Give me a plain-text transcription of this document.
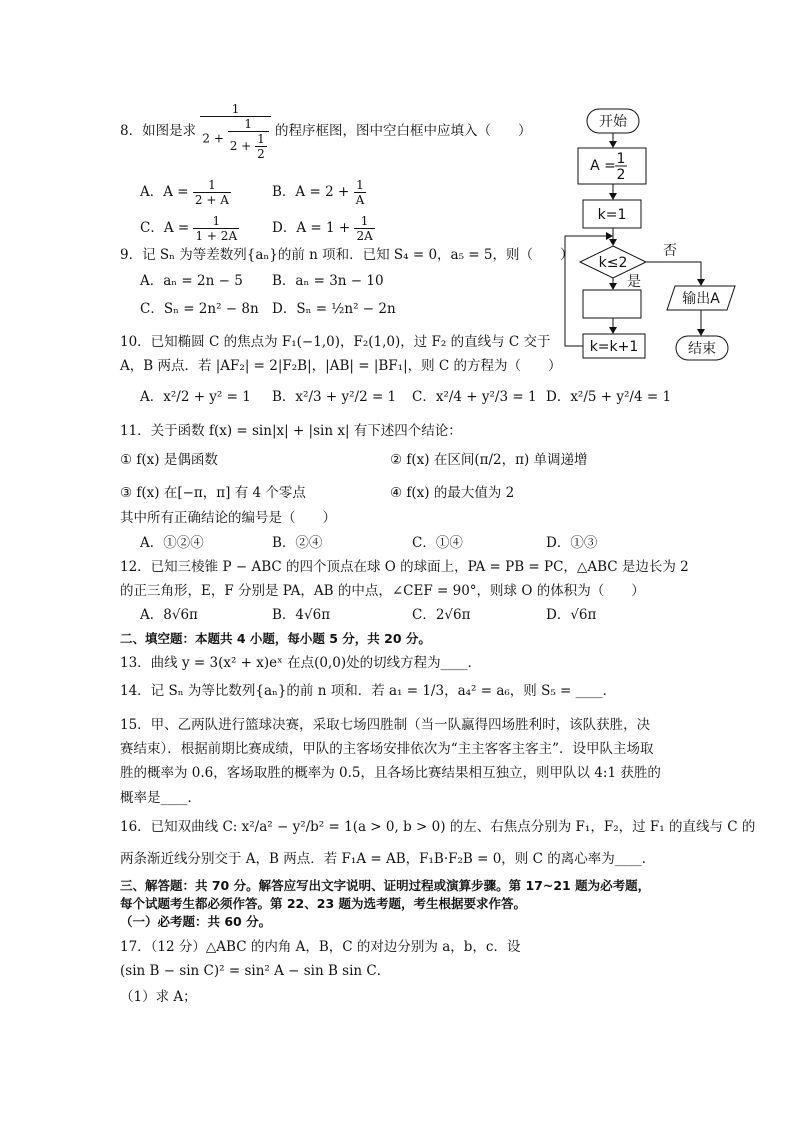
8．如图是求 $\frac{1}{2 + \frac{1}{2 + \frac{1}{2}}}$ 的程序框图，图中空白框中应填入（　　）
A．$A = \frac{1}{2 + A}$	B．$A = 2 + \frac{1}{A}$
C．$A = \frac{1}{1 + 2A}$ D．$A = 1 + \frac{1}{2A}$
开始
A = 1
2
k=1
k≤2
是
否
k=k+1
输出A
结束
9．记 Sₙ 为等差数列{aₙ}的前 n 项和．已知 S₄ = 0，a₅ = 5，则（　　）
A．aₙ = 2n − 5 B．aₙ = 3n − 10
C．Sₙ = 2n² − 8n D．Sₙ = ½n² − 2n
10．已知椭圆 C 的焦点为 F₁(−1,0)，F₂(1,0)，过 F₂ 的直线与 C 交于
A，B 两点．若 |AF₂| = 2|F₂B|，|AB| = |BF₁|，则 C 的方程为（　　）
A．x²/2 + y² = 1 B．x²/3 + y²/2 = 1 C．x²/4 + y²/3 = 1 D．x²/5 + y²/4 = 1
11．关于函数 f(x) = sin|x| + |sin x| 有下述四个结论：
① f(x) 是偶函数	② f(x) 在区间(π/2，π) 单调递增
③ f(x) 在[−π，π] 有 4 个零点	④ f(x) 的最大值为 2
其中所有正确结论的编号是（　　）
A．①②④	B．②④	C．①④	D．①③
12．已知三棱锥 P − ABC 的四个顶点在球 O 的球面上，PA = PB = PC，△ABC 是边长为 2
的正三角形，E，F 分别是 PA，AB 的中点，∠CEF = 90°，则球 O 的体积为（　　）
A．8√6π	B．4√6π	C．2√6π	D．√6π
二、填空题：本题共 4 小题，每小题 5 分，共 20 分。
13．曲线 y = 3(x² + x)eˣ 在点(0,0)处的切线方程为____．
14．记 Sₙ 为等比数列{aₙ}的前 n 项和．若 a₁ = 1/3，a₄² = a₆，则 S₅ = ____．
15．甲、乙两队进行篮球决赛，采取七场四胜制（当一队赢得四场胜利时，该队获胜，决
赛结束）．根据前期比赛成绩，甲队的主客场安排依次为“主主客客主客主”．设甲队主场取
胜的概率为 0.6，客场取胜的概率为 0.5，且各场比赛结果相互独立，则甲队以 4:1 获胜的
概率是____．
16．已知双曲线 C: x²/a² − y²/b² = 1(a > 0, b > 0) 的左、右焦点分别为 F₁，F₂，过 F₁ 的直线与 C 的
两条渐近线分别交于 A，B 两点．若 F₁A = AB，F₁B·F₂B = 0，则 C 的离心率为____．
三、解答题：共 70 分。解答应写出文字说明、证明过程或演算步骤。第 17~21 题为必考题，
每个试题考生都必须作答。第 22、23 题为选考题，考生根据要求作答。
（一）必考题：共 60 分。
17．（12 分）△ABC 的内角 A，B，C 的对边分别为 a，b，c．设
(sin B − sin C)² = sin² A − sin B sin C．
（1）求 A；
